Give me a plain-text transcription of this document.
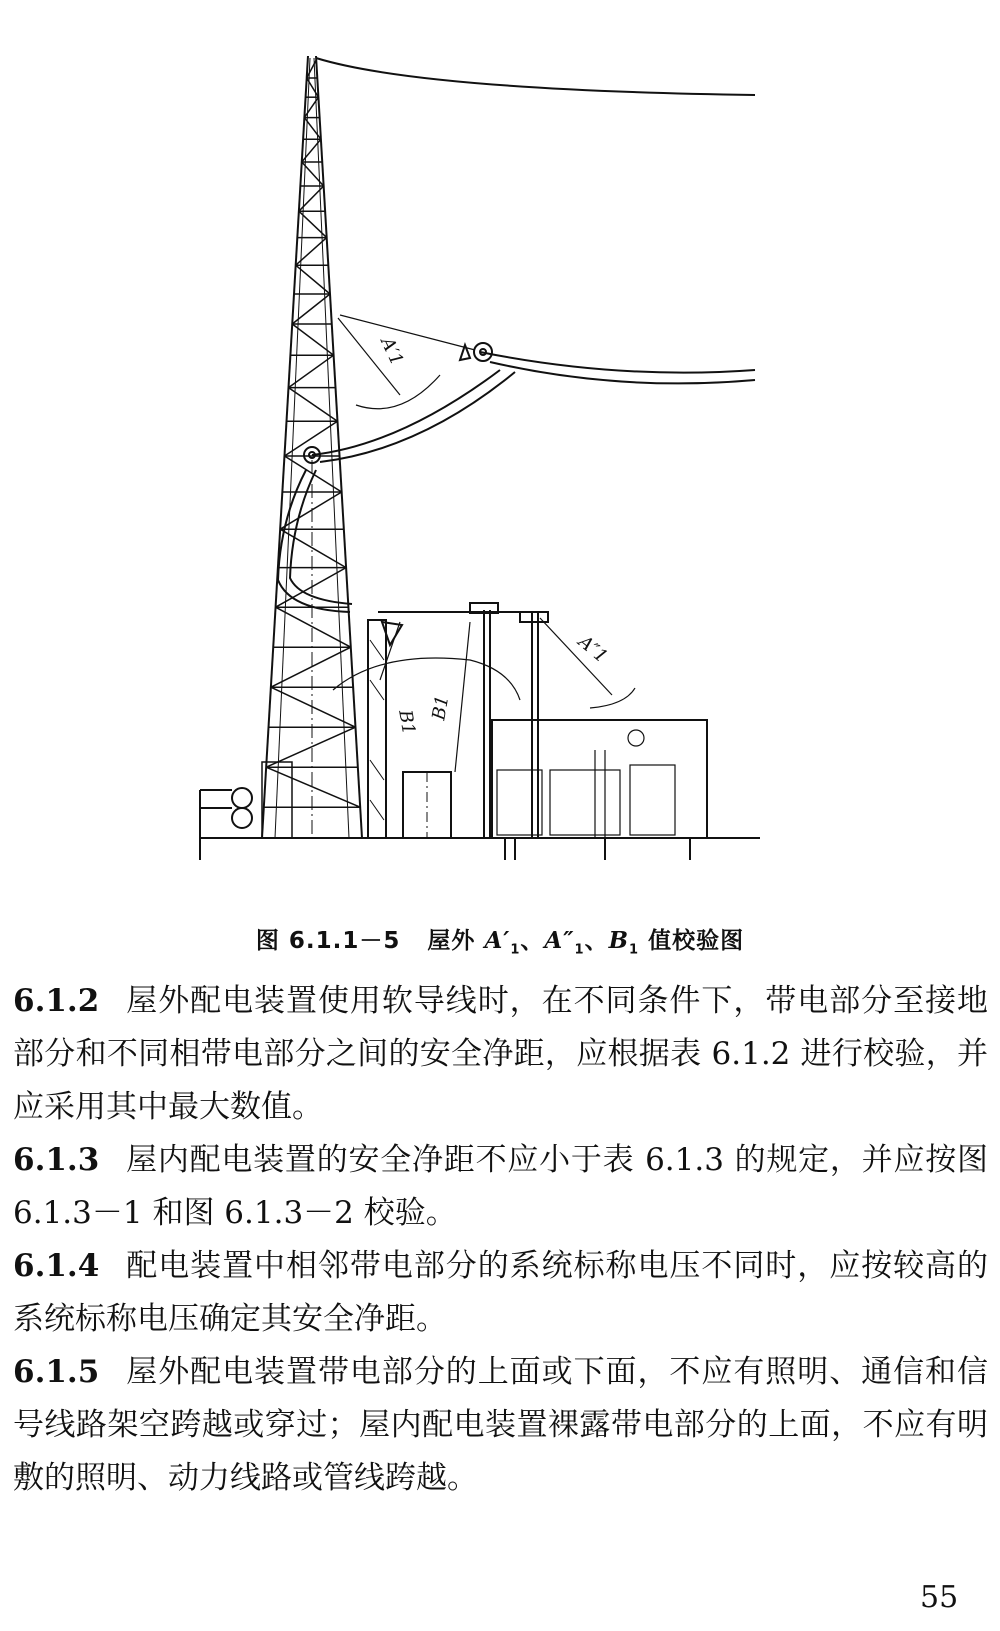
A′1
B1
B1
A″1
图 6.1.1－5 屋外 $A'_1$、$A''_1$、$B_1$ 值校验图

6.1.2 屋外配电装置使用软导线时，在不同条件下，带电部分至接地部分和不同相带电部分之间的安全净距，应根据表 6.1.2 进行校验，并应采用其中最大数值。

6.1.3 屋内配电装置的安全净距不应小于表 6.1.3 的规定，并应按图 6.1.3－1 和图 6.1.3－2 校验。

6.1.4 配电装置中相邻带电部分的系统标称电压不同时，应按较高的系统标称电压确定其安全净距。

6.1.5 屋外配电装置带电部分的上面或下面，不应有照明、通信和信号线路架空跨越或穿过；屋内配电装置裸露带电部分的上面，不应有明敷的照明、动力线路或管线跨越。

55
